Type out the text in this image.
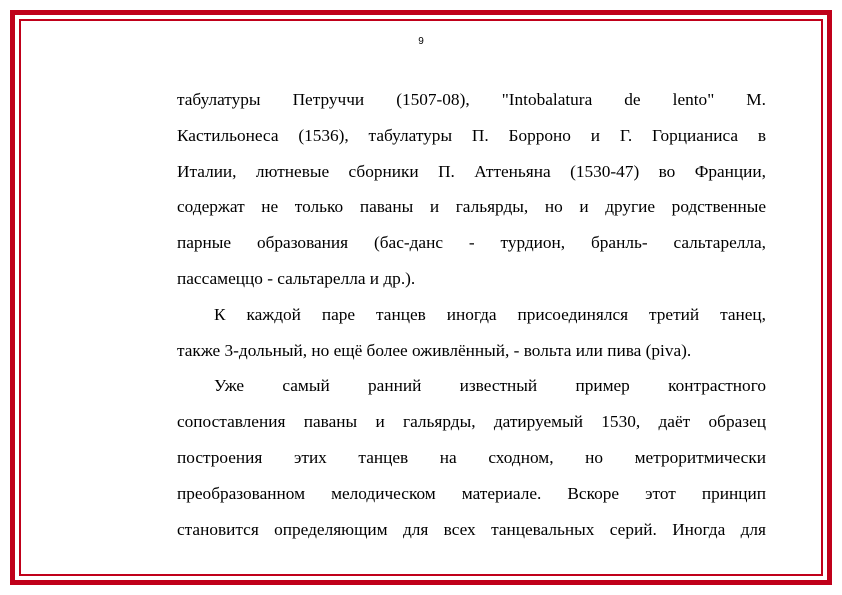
9

табулатуры Петруччи (1507-08), "Intobalatura de lento" М.
Кастильонеса (1536), табулатуры П. Борроно и Г. Горцианиса в
Италии, лютневые сборники П. Аттеньяна (1530-47) во Франции,
содержат не только паваны и гальярды, но и другие родственные
парные образования (бас-данс - турдион, бранль- сальтарелла,
пассамеццо - сальтарелла и др.).

К каждой паре танцев иногда присоединялся третий танец,
также 3-дольный, но ещё более оживлённый, - вольта или пива (piva).

Уже самый ранний известный пример контрастного
сопоставления паваны и гальярды, датируемый 1530, даёт образец
построения этих танцев на сходном, но метроритмически
преобразованном мелодическом материале. Вскоре этот принцип
становится определяющим для всех танцевальных серий. Иногда для
